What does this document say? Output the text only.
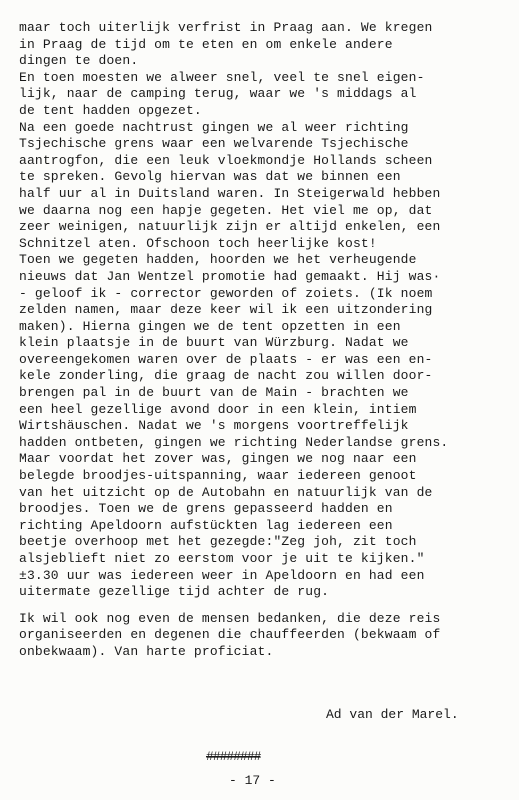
maar toch uiterlijk verfrist in Praag aan. We kregen
in Praag de tijd om te eten en om enkele andere
dingen te doen.
En toen moesten we alweer snel, veel te snel eigen-
lijk, naar de camping terug, waar we 's middags al
de tent hadden opgezet.
Na een goede nachtrust gingen we al weer richting
Tsjechische grens waar een welvarende Tsjechische
aantrogfon, die een leuk vloekmondje Hollands scheen
te spreken. Gevolg hiervan was dat we binnen een
half uur al in Duitsland waren. In Steigerwald hebben
we daarna nog een hapje gegeten. Het viel me op, dat
zeer weinigen, natuurlijk zijn er altijd enkelen, een
Schnitzel aten. Ofschoon toch heerlijke kost!
Toen we gegeten hadden, hoorden we het verheugende
nieuws dat Jan Wentzel promotie had gemaakt. Hij was·
- geloof ik - corrector geworden of zoiets. (Ik noem
zelden namen, maar deze keer wil ik een uitzondering
maken). Hierna gingen we de tent opzetten in een
klein plaatsje in de buurt van Würzburg. Nadat we
overeengekomen waren over de plaats - er was een en-
kele zonderling, die graag de nacht zou willen door-
brengen pal in de buurt van de Main - brachten we
een heel gezellige avond door in een klein, intiem
Wirtshäuschen. Nadat we 's morgens voortreffelijk
hadden ontbeten, gingen we richting Nederlandse grens.
Maar voordat het zover was, gingen we nog naar een
belegde broodjes-uitspanning, waar iedereen genoot
van het uitzicht op de Autobahn en natuurlijk van de
broodjes. Toen we de grens gepasseerd hadden en
richting Apeldoorn aufstückten lag iedereen een
beetje overhoop met het gezegde:"Zeg joh, zit toch
alsjeblieft niet zo eerstom voor je uit te kijken."
±3.30 uur was iedereen weer in Apeldoorn en had een
uitermate gezellige tijd achter de rug.
Ik wil ook nog even de mensen bedanken, die deze reis
organiseerden en degenen die chauffeerden (bekwaam of
onbekwaam). Van harte proficiat.
Ad van der Marel.
########
- 17 -
